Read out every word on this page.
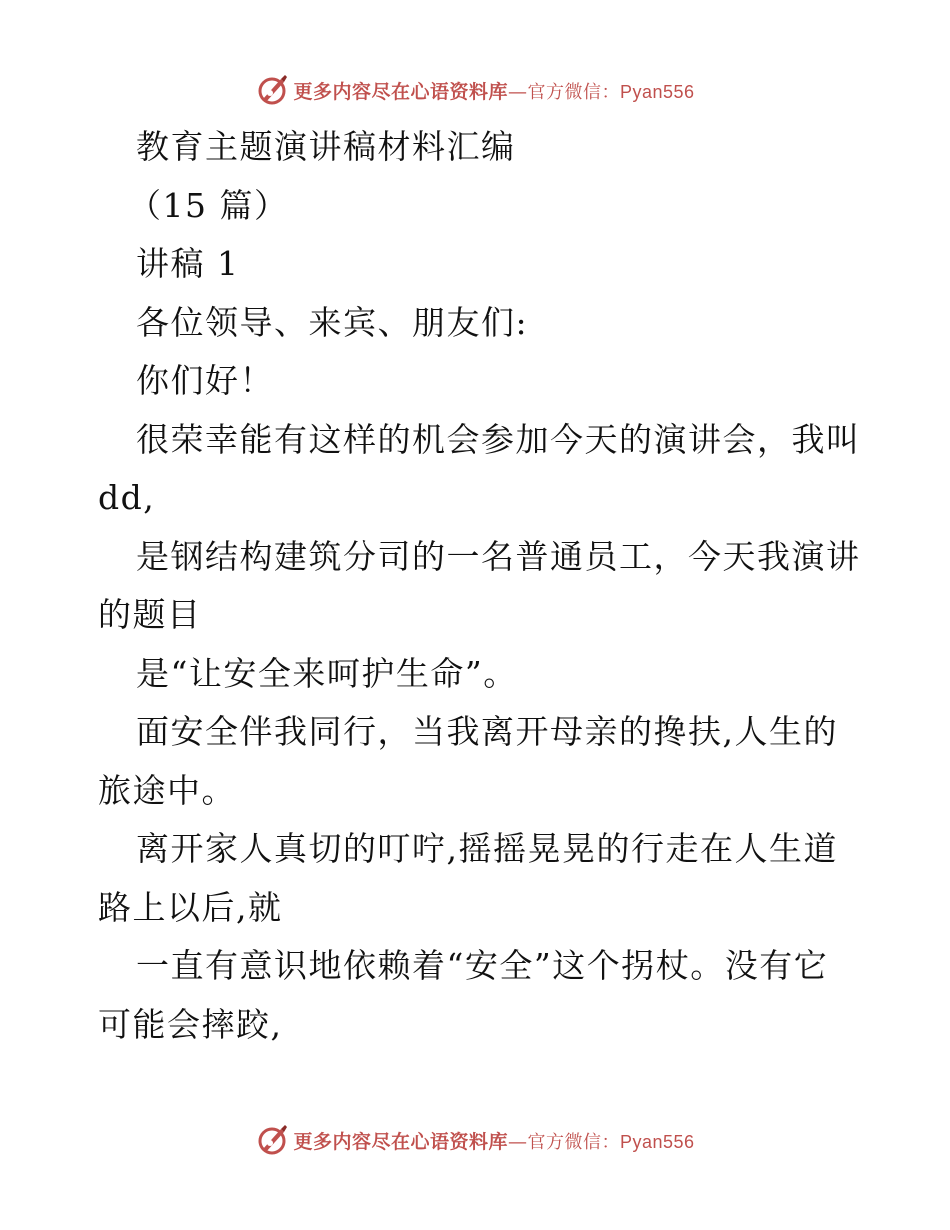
更多内容尽在心语资料库—官方微信：Pyan556
教育主题演讲稿材料汇编
（15 篇）
讲稿 1
各位领导、来宾、朋友们:
你们好！
很荣幸能有这样的机会参加今天的演讲会，我叫
dd,
是钢结构建筑分司的一名普通员工，今天我演讲
的题目
是“让安全来呵护生命”。
面安全伴我同行，当我离开母亲的搀扶,人生的
旅途中。
离开家人真切的叮咛,摇摇晃晃的行走在人生道
路上以后,就
一直有意识地依赖着“安全”这个拐杖。没有它
可能会摔跤,
更多内容尽在心语资料库—官方微信：Pyan556
